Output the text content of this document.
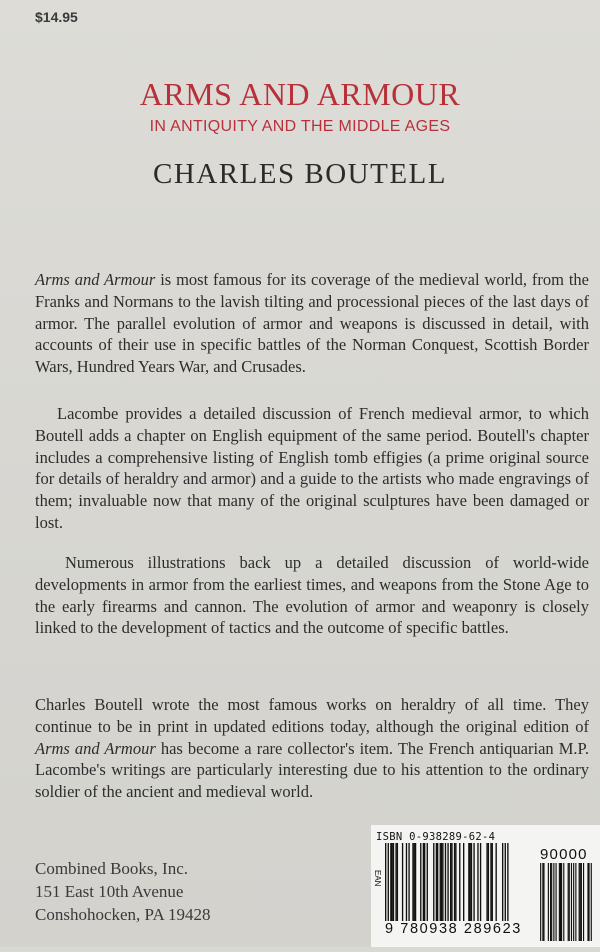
$14.95
ARMS AND ARMOUR
IN ANTIQUITY AND THE MIDDLE AGES
CHARLES BOUTELL

Arms and Armour is most famous for its coverage of the medieval world, from the Franks and Normans to the lavish tilting and processional pieces of the last days of armor. The parallel evolution of armor and weapons is discussed in detail, with accounts of their use in specific battles of the Norman Conquest, Scottish Border Wars, Hundred Years War, and Crusades.

Lacombe provides a detailed discussion of French medieval armor, to which Boutell adds a chapter on English equipment of the same period. Boutell's chapter includes a comprehensive listing of English tomb effigies (a prime original source for details of heraldry and armor) and a guide to the artists who made engravings of them; invaluable now that many of the original sculptures have been damaged or lost.

Numerous illustrations back up a detailed discussion of world-wide developments in armor from the earliest times, and weapons from the Stone Age to the early firearms and cannon. The evolution of armor and weaponry is closely linked to the development of tactics and the outcome of specific battles.

Charles Boutell wrote the most famous works on heraldry of all time. They continue to be in print in updated editions today, although the original edition of Arms and Armour has become a rare collector's item. The French antiquarian M.P. Lacombe's writings are particularly interesting due to his attention to the ordinary soldier of the ancient and medieval world.

Combined Books, Inc.
151 East 10th Avenue
Conshohocken, PA 19428
ISBN 0-938289-62-4
EAN
9 780938 289623
90000
